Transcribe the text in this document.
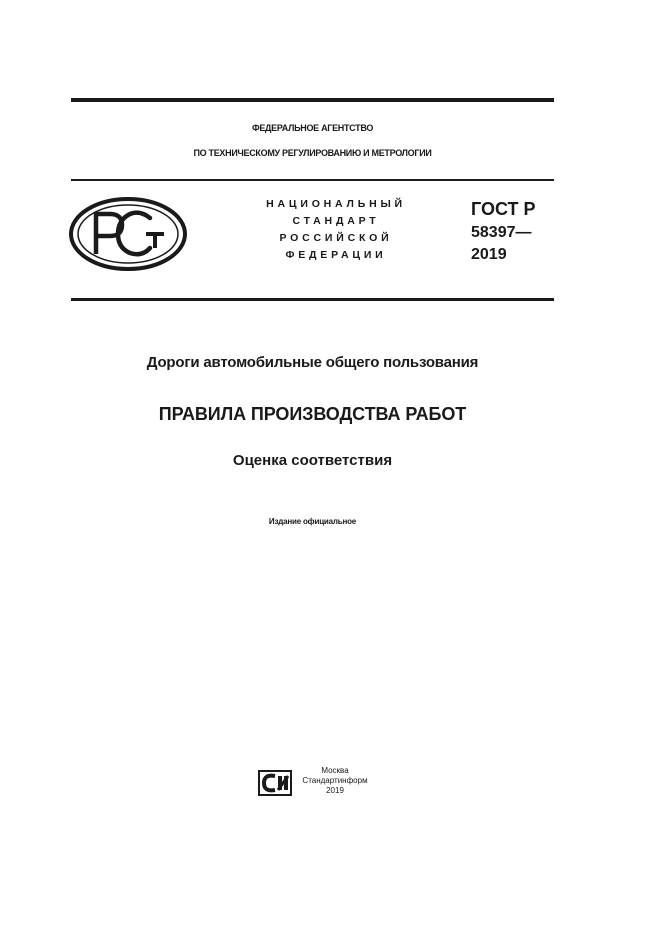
ФЕДЕРАЛЬНОЕ АГЕНТСТВО
ПО ТЕХНИЧЕСКОМУ РЕГУЛИРОВАНИЮ И МЕТРОЛОГИИ
НАЦИОНАЛЬНЫЙ
СТАНДАРТ
РОССИЙСКОЙ
ФЕДЕРАЦИИ
ГОСТ Р
58397—
2019
Дороги автомобильные общего пользования
ПРАВИЛА ПРОИЗВОДСТВА РАБОТ
Оценка соответствия
Издание официальное
Москва
Стандартинформ
2019
